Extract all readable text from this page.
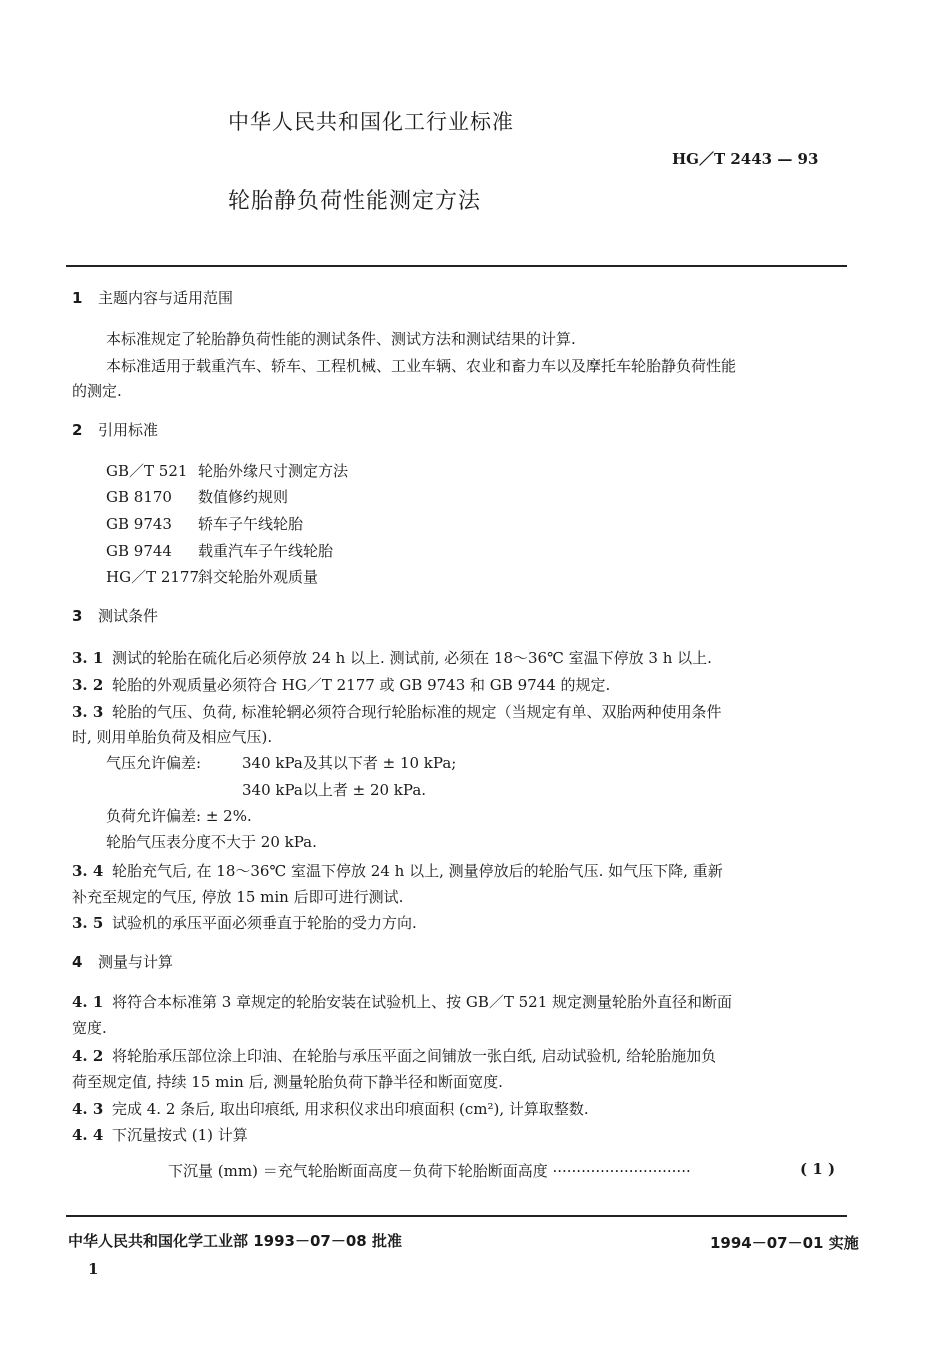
中华人民共和国化工行业标准
HG／T 2443 — 93
轮胎静负荷性能测定方法
1 主题内容与适用范围
本标准规定了轮胎静负荷性能的测试条件、测试方法和测试结果的计算.
本标准适用于载重汽车、轿车、工程机械、工业车辆、农业和畜力车以及摩托车轮胎静负荷性能
的测定.
2 引用标准
GB／T 521 轮胎外缘尺寸测定方法
GB 8170 数值修约规则
GB 9743 轿车子午线轮胎
GB 9744 载重汽车子午线轮胎
HG／T 2177斜交轮胎外观质量
3 测试条件
3. 1 测试的轮胎在硫化后必须停放 24 h 以上. 测试前, 必须在 18～36℃ 室温下停放 3 h 以上.
3. 2 轮胎的外观质量必须符合 HG／T 2177 或 GB 9743 和 GB 9744 的规定.
3. 3 轮胎的气压、负荷, 标准轮辋必须符合现行轮胎标准的规定（当规定有单、双胎两种使用条件
时, 则用单胎负荷及相应气压).
气压允许偏差:	340 kPa及其以下者 ± 10 kPa;
340 kPa以上者 ± 20 kPa.
负荷允许偏差: ± 2%.
轮胎气压表分度不大于 20 kPa.
3. 4 轮胎充气后, 在 18～36℃ 室温下停放 24 h 以上, 测量停放后的轮胎气压. 如气压下降, 重新
补充至规定的气压, 停放 15 min 后即可进行测试.
3. 5 试验机的承压平面必须垂直于轮胎的受力方向.
4 测量与计算
4. 1 将符合本标准第 3 章规定的轮胎安装在试验机上、按 GB／T 521 规定测量轮胎外直径和断面
宽度.
4. 2 将轮胎承压部位涂上印油、在轮胎与承压平面之间铺放一张白纸, 启动试验机, 给轮胎施加负
荷至规定值, 持续 15 min 后, 测量轮胎负荷下静半径和断面宽度.
4. 3 完成 4. 2 条后, 取出印痕纸, 用求积仪求出印痕面积 (cm²), 计算取整数.
4. 4 下沉量按式 (1) 计算
下沉量 (mm) ＝充气轮胎断面高度－负荷下轮胎断面高度 ·····························	( 1 )
中华人民共和国化学工业部 1993－07－08 批准	1994－07－01 实施
1
